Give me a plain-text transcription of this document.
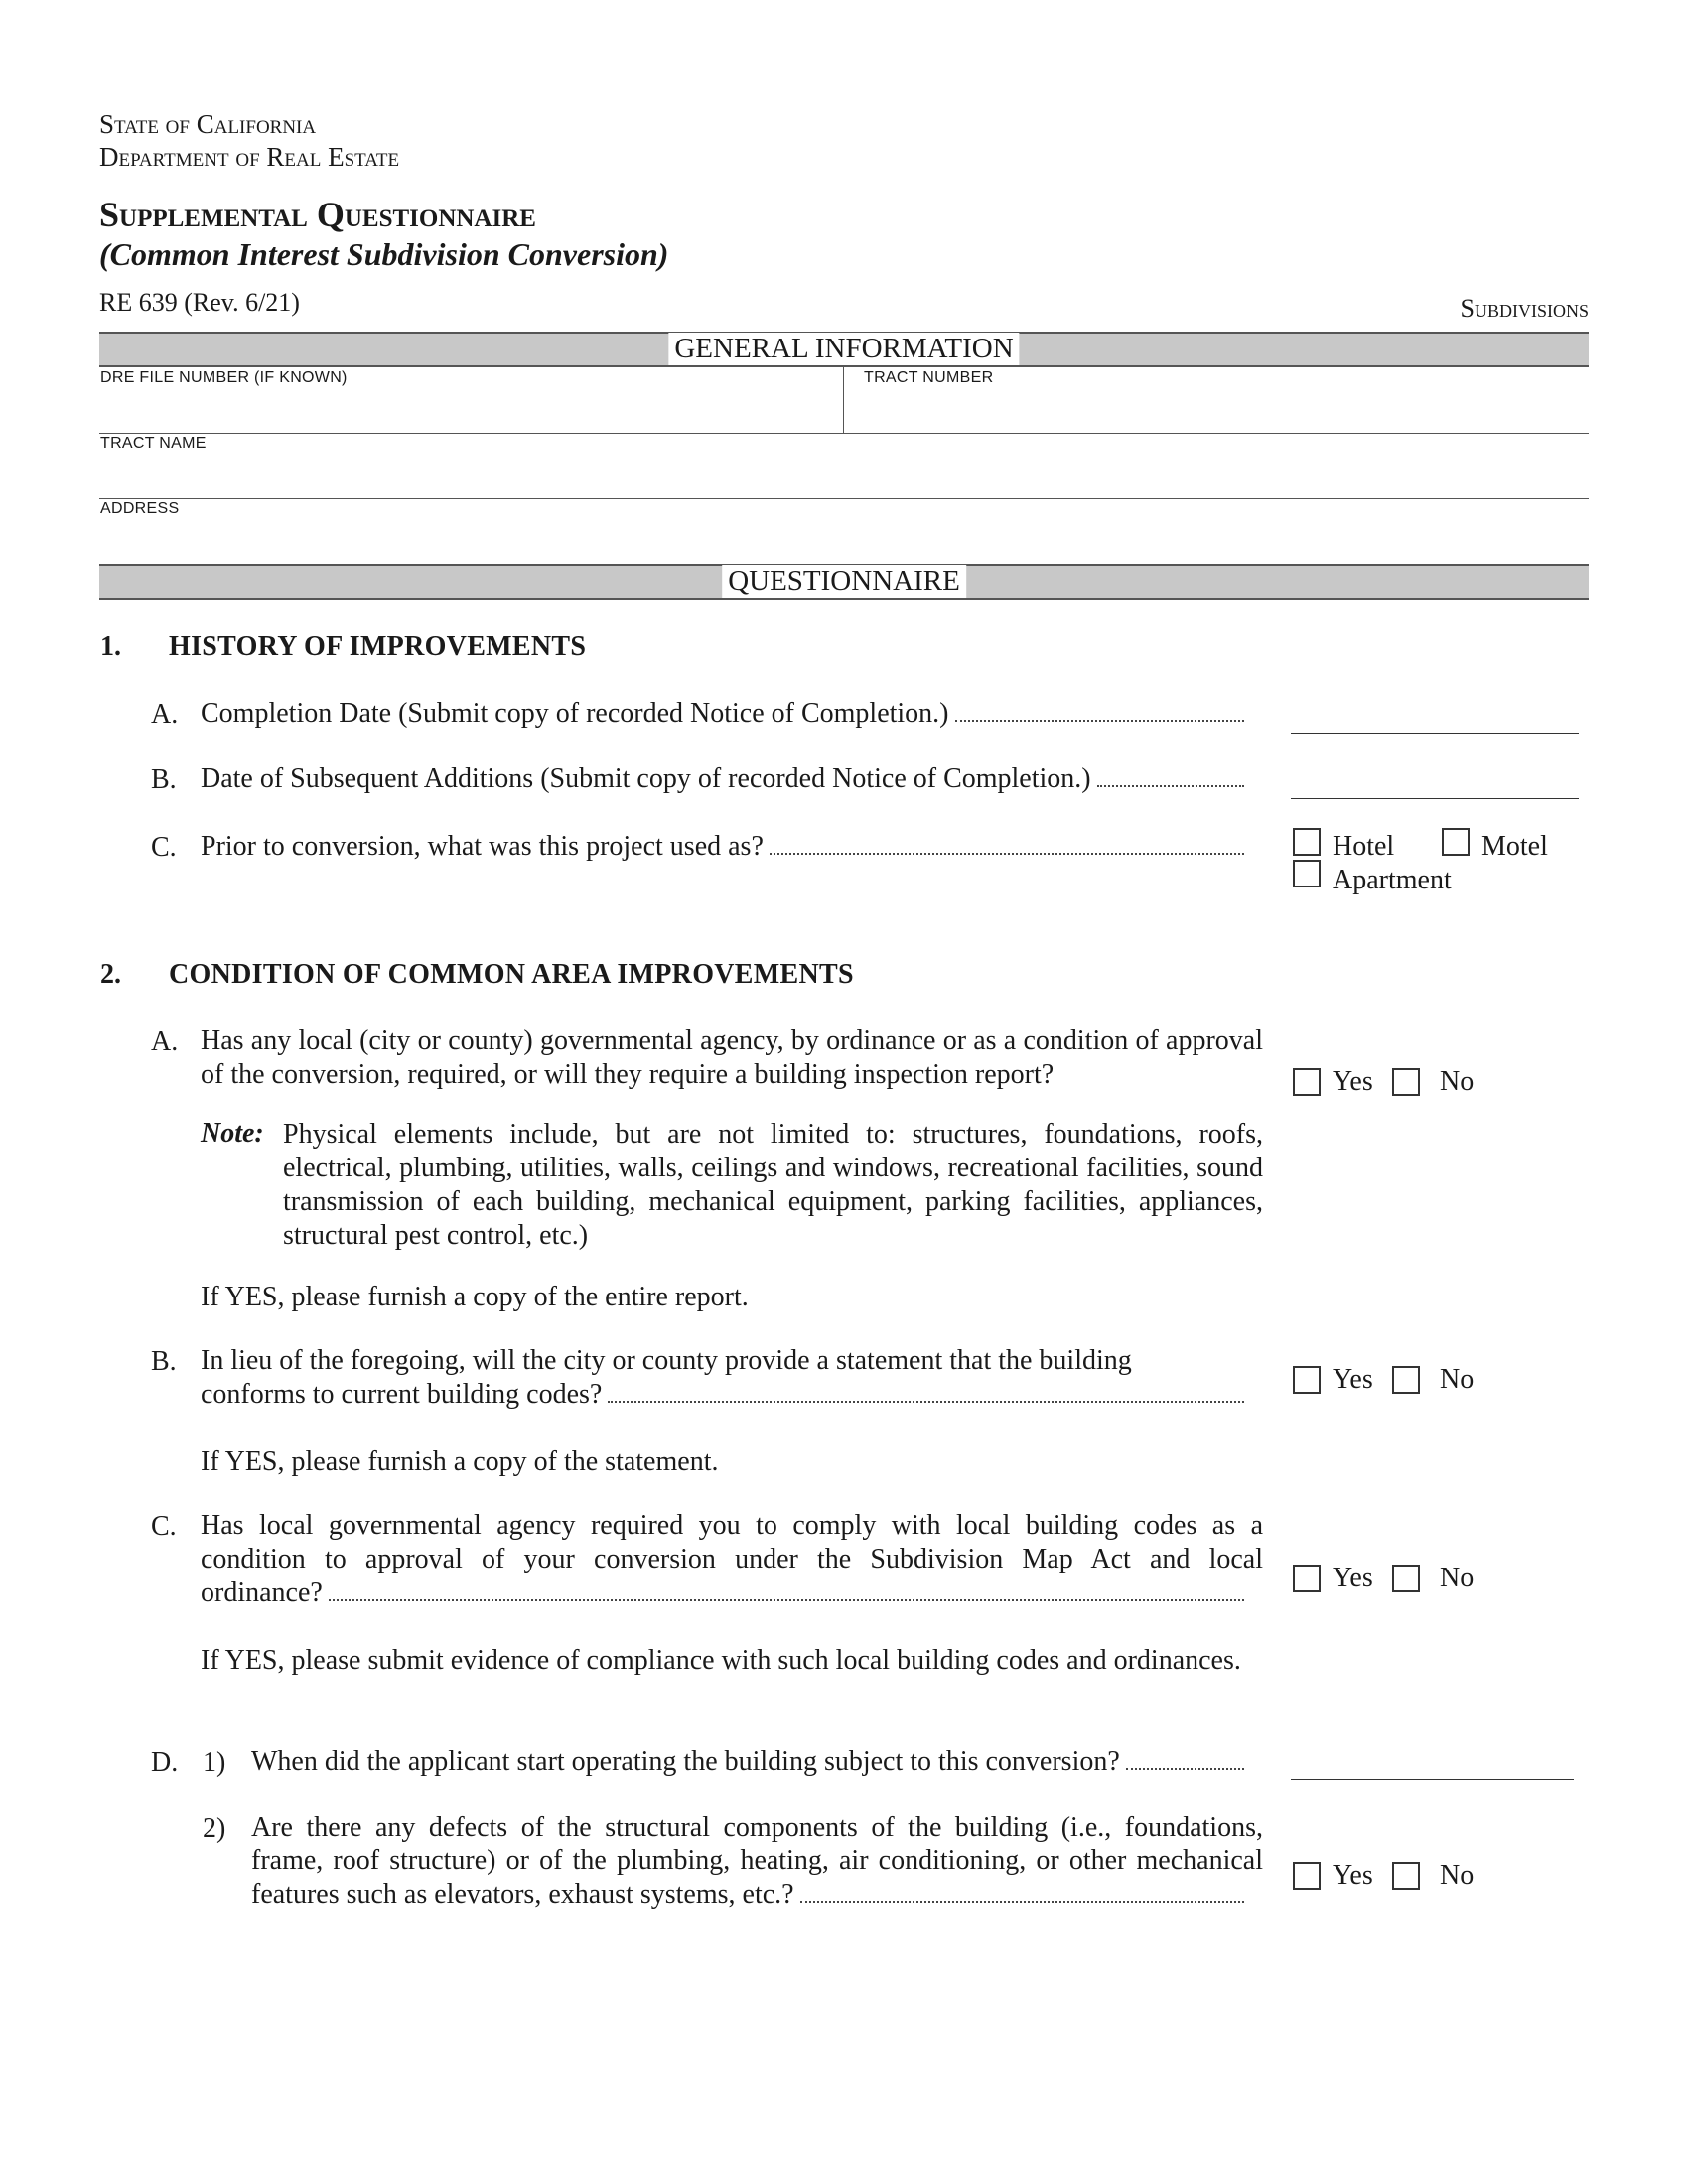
State of California
Department of Real Estate
Supplemental Questionnaire
(Common Interest Subdivision Conversion)
RE 639 (Rev. 6/21)	Subdivisions
GENERAL INFORMATION
DRE FILE NUMBER (IF KNOWN)	TRACT NUMBER
TRACT NAME
ADDRESS
QUESTIONNAIRE
1. HISTORY OF IMPROVEMENTS
A. Completion Date (Submit copy of recorded Notice of Completion.)
B. Date of Subsequent Additions (Submit copy of recorded Notice of Completion.)
C. Prior to conversion, what was this project used as?	Hotel	Motel
Apartment
2. CONDITION OF COMMON AREA IMPROVEMENTS
A. Has any local (city or county) governmental agency, by ordinance or as a condition of approval of the conversion, required, or will they require a building inspection report?	Yes No
Note: Physical elements include, but are not limited to: structures, foundations, roofs, electrical, plumbing, utilities, walls, ceilings and windows, recreational facilities, sound transmission of each building, mechanical equipment, parking facilities, appliances, structural pest control, etc.)
If YES, please furnish a copy of the entire report.
B. In lieu of the foregoing, will the city or county provide a statement that the building
conforms to current building codes?	Yes No
If YES, please furnish a copy of the statement.
C. Has local governmental agency required you to comply with local building codes as a condition to approval of your conversion under the Subdivision Map Act and local
ordinance?	Yes No
If YES, please submit evidence of compliance with such local building codes and ordinances.
D. 1) When did the applicant start operating the building subject to this conversion?
2) Are there any defects of the structural components of the building (i.e., foundations, frame, roof structure) or of the plumbing, heating, air conditioning, or other mechanical
features such as elevators, exhaust systems, etc.?
Yes No
